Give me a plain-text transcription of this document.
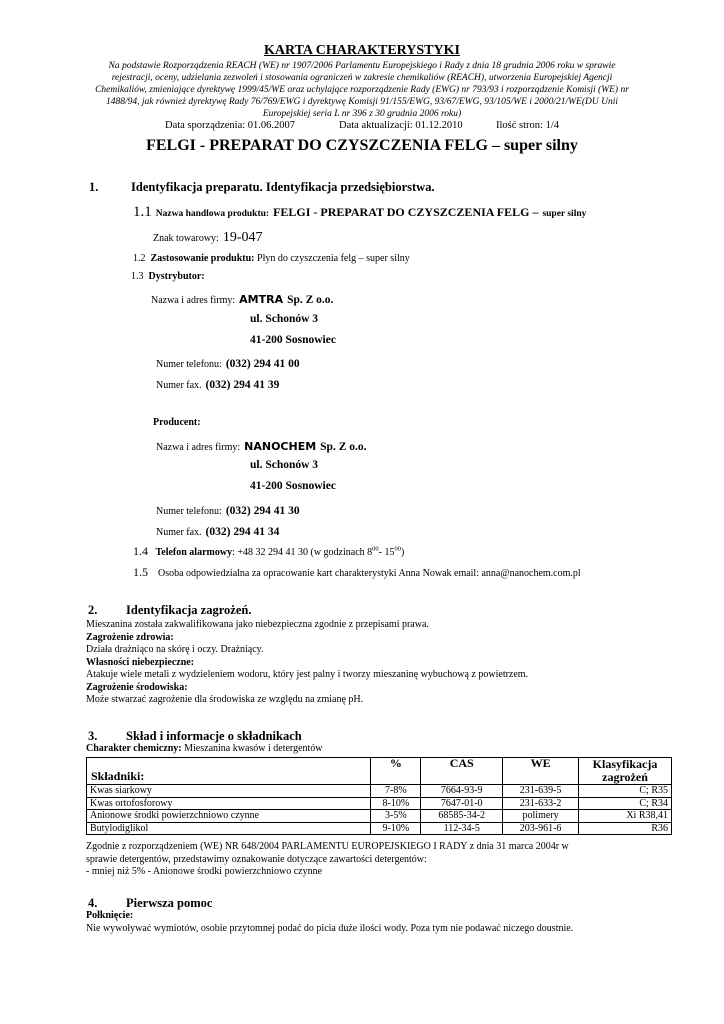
KARTA CHARAKTERYSTYKI
Na podstawie Rozporządzenia REACH (WE) nr 1907/2006 Parlamentu Europejskiego i Rady z dnia 18 grudnia 2006 roku w sprawie rejestracji, oceny, udzielania zezwoleń i stosowania ograniczeń w zakresie chemikaliów (REACH), utworzenia Europejskiej Agencji Chemikaliów, zmieniające dyrektywę 1999/45/WE oraz uchylające rozporządzenie Rady (EWG) nr 793/93 i rozporządzenie Komisji (WE) nr 1488/94, jak również dyrektywę Rady 76/769/EWG i dyrektywę Komisji 91/155/EWG, 93/67/EWG, 93/105/WE i 2000/21/WE(DU Unii Europejskiej seria L nr 396 z 30 grudnia 2006 roku)
Data sporządzenia: 01.06.2007	Data aktualizacji: 01.12.2010	Ilość stron: 1/4
FELGI - PREPARAT DO CZYSZCZENIA FELG – super silny
1.	Identyfikacja preparatu. Identyfikacja przedsiębiorstwa.
1.1 Nazwa handlowa produktu: FELGI - PREPARAT DO CZYSZCZENIA FELG – super silny
Znak towarowy: 19-047
1.2 Zastosowanie produktu: Płyn do czyszczenia felg – super silny
1.3 Dystrybutor:
Nazwa i adres firmy: AMTRA Sp. Z o.o.
ul. Schonów 3
41-200 Sosnowiec
Numer telefonu: (032) 294 41 00
Numer fax. (032) 294 41 39
Producent:
Nazwa i adres firmy: NANOCHEM Sp. Z o.o.
ul. Schonów 3
41-200 Sosnowiec
Numer telefonu: (032) 294 41 30
Numer fax. (032) 294 41 34
1.4 Telefon alarmowy: +48 32 294 41 30 (w godzinach $8^{00}-$ $15^{00}$)
1.5 Osoba odpowiedzialna za opracowanie kart charakterystyki Anna Nowak email: anna@nanochem.com.pl
2. Identyfikacja zagrożeń.
Mieszanina została zakwalifikowana jako niebezpieczna zgodnie z przepisami prawa.
Zagrożenie zdrowia:
Działa drażniąco na skórę i oczy. Drażniący.
Własności niebezpieczne:
Atakuje wiele metali z wydzieleniem wodoru, który jest palny i tworzy mieszaninę wybuchową z powietrzem.
Zagrożenie środowiska:
Może stwarzać zagrożenie dla środowiska ze względu na zmianę pH.
3. Skład i informacje o składnikach
Charakter chemiczny: Mieszanina kwasów i detergentów
Składniki:	%	CAS	WE	Klasyfikacja zagrożeń
Kwas siarkowy	7-8%	7664-93-9	231-639-5	C; R35
Kwas ortofosforowy	8-10%	7647-01-0	231-633-2	C; R34
Anionowe środki powierzchniowo czynne	3-5%	68585-34-2	polimery	Xi R38,41
Butylodiglikol	9-10%	112-34-5	203-961-6	R36
Zgodnie z rozporządzeniem (WE) NR 648/2004 PARLAMENTU EUROPEJSKIEGO I RADY z dnia 31 marca 2004r w
sprawie detergentów, przedstawimy oznakowanie dotyczące zawartości detergentów:
- mniej niż 5% - Anionowe środki powierzchniowo czynne
4. Pierwsza pomoc
Połknięcie:
Nie wywoływać wymiotów, osobie przytomnej podać do picia duże ilości wody. Poza tym nie podawać niczego doustnie.
